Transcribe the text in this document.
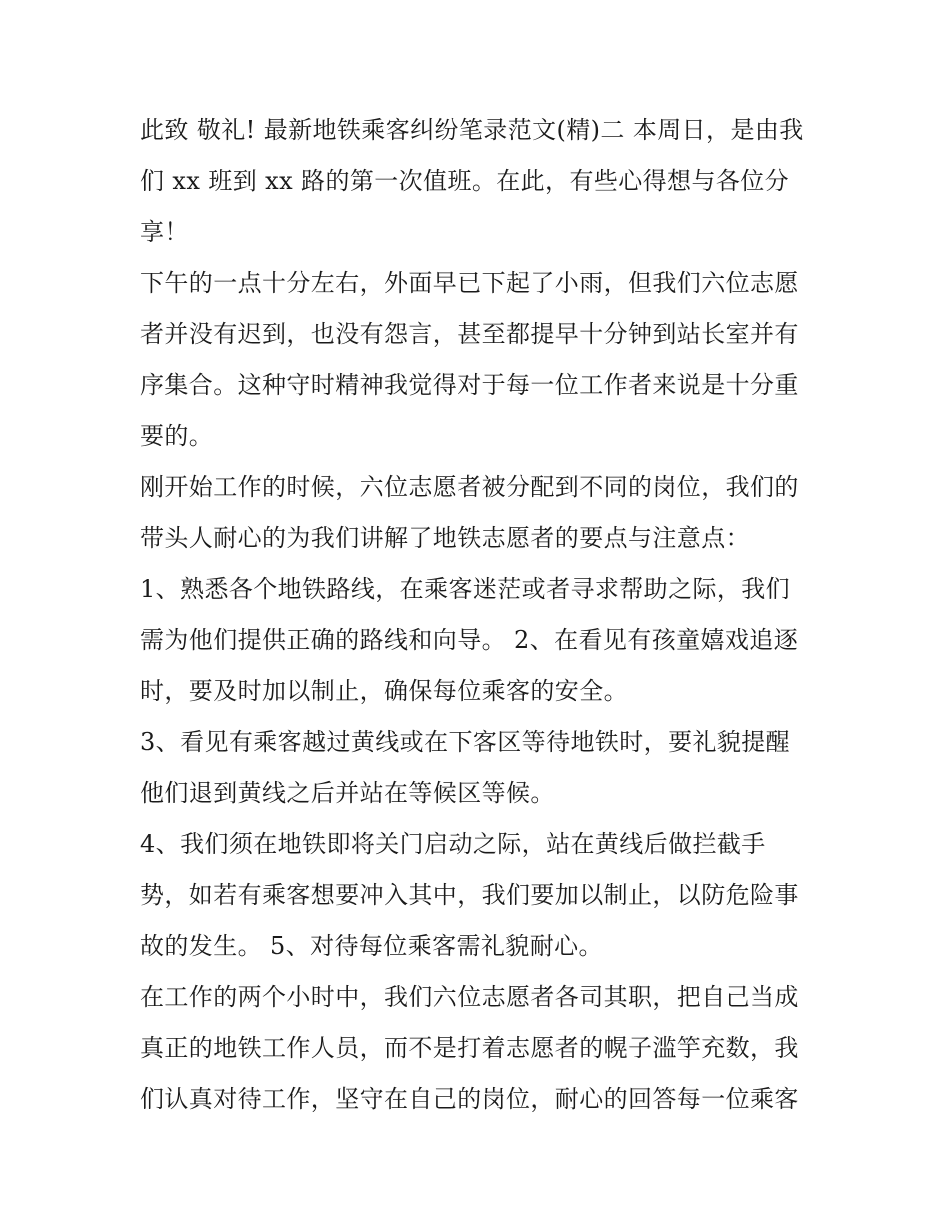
此致 敬礼! 最新地铁乘客纠纷笔录范文(精)二 本周日，是由我
们 xx 班到 xx 路的第一次值班。在此，有些心得想与各位分
享！

下午的一点十分左右，外面早已下起了小雨，但我们六位志愿
者并没有迟到，也没有怨言，甚至都提早十分钟到站长室并有
序集合。这种守时精神我觉得对于每一位工作者来说是十分重
要的。

刚开始工作的时候，六位志愿者被分配到不同的岗位，我们的
带头人耐心的为我们讲解了地铁志愿者的要点与注意点：

1、熟悉各个地铁路线，在乘客迷茫或者寻求帮助之际，我们
需为他们提供正确的路线和向导。 2、在看见有孩童嬉戏追逐
时，要及时加以制止，确保每位乘客的安全。

3、看见有乘客越过黄线或在下客区等待地铁时，要礼貌提醒
他们退到黄线之后并站在等候区等候。

4、我们须在地铁即将关门启动之际，站在黄线后做拦截手
势，如若有乘客想要冲入其中，我们要加以制止，以防危险事
故的发生。 5、对待每位乘客需礼貌耐心。

在工作的两个小时中，我们六位志愿者各司其职，把自己当成
真正的地铁工作人员，而不是打着志愿者的幌子滥竽充数，我
们认真对待工作，坚守在自己的岗位，耐心的回答每一位乘客
